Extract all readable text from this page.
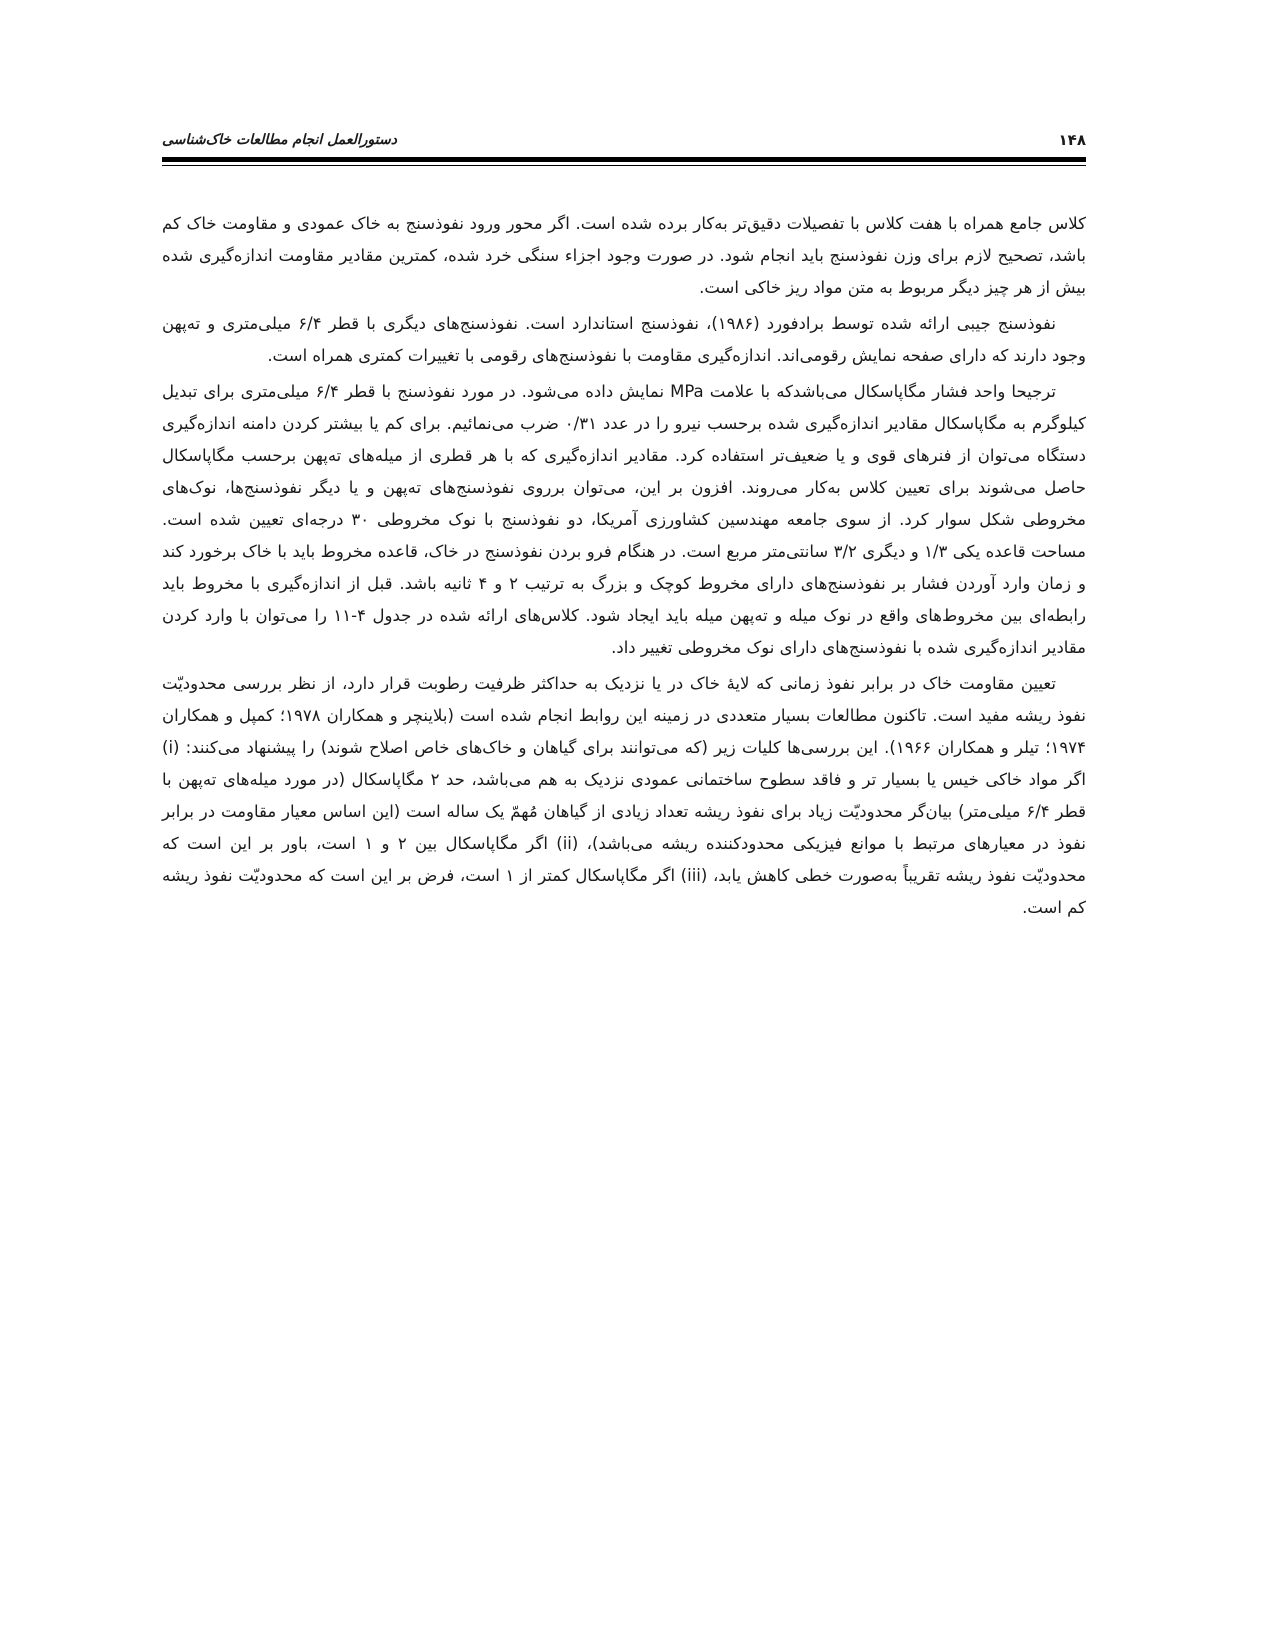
۱۴۸
دستورالعمل انجام مطالعات خاک‌شناسی

کلاس جامع همراه با هفت کلاس با تفصیلات دقیق‌تر به‌کار برده شده است. اگر محور ورود نفوذسنج به خاک عمودی و مقاومت خاک کم باشد، تصحیح لازم برای وزن نفوذسنج باید انجام شود. در صورت وجود اجزاء سنگی خرد شده، کمترین مقادیر مقاومت اندازه‌گیری شده بیش از هر چیز دیگر مربوط به متن مواد ریز خاکی است.

نفوذسنج جیبی ارائه شده توسط برادفورد (۱۹۸۶)، نفوذسنج استاندارد است. نفوذسنج‌های دیگری با قطر ۶/۴ میلی‌متری و ته‌پهن وجود دارند که دارای صفحه نمایش رقومی‌اند. اندازه‌گیری مقاومت با نفوذسنج‌های رقومی با تغییرات کمتری همراه است.

ترجیحا واحد فشار مگاپاسکال می‌باشدکه با علامت MPa نمایش داده می‌شود. در مورد نفوذسنج با قطر ۶/۴ میلی‌متری برای تبدیل کیلوگرم به مگاپاسکال مقادیر اندازه‌گیری شده برحسب نیرو را در عدد ۰/۳۱ ضرب می‌نمائیم. برای کم یا بیشتر کردن دامنه اندازه‌گیری دستگاه می‌توان از فنرهای قوی و یا ضعیف‌تر استفاده کرد. مقادیر اندازه‌گیری که با هر قطری از میله‌های ته‌پهن برحسب مگاپاسکال حاصل می‌شوند برای تعیین کلاس به‌کار می‌روند. افزون بر این، می‌توان برروی نفوذسنج‌های ته‌پهن و یا دیگر نفوذسنج‌ها، نوک‌های مخروطی شکل سوار کرد. از سوی جامعه مهندسین کشاورزی آمریکا، دو نفوذسنج با نوک مخروطی ۳۰ درجه‌ای تعیین شده است. مساحت قاعده یکی ۱/۳ و دیگری ۳/۲ سانتی‌متر مربع است. در هنگام فرو بردن نفوذسنج در خاک، قاعده مخروط باید با خاک برخورد کند و زمان وارد آوردن فشار بر نفوذسنج‌های دارای مخروط کوچک و بزرگ به ترتیب ۲ و ۴ ثانیه باشد. قبل از اندازه‌گیری با مخروط باید رابطه‌ای بین مخروط‌های واقع در نوک میله و ته‌پهن میله باید ایجاد شود. کلاس‌های ارائه شده در جدول ۴-۱۱ را می‌توان با وارد کردن مقادیر اندازه‌گیری شده با نفوذسنج‌های دارای نوک مخروطی تغییر داد.

تعیین مقاومت خاک در برابر نفوذ زمانی که لایهٔ خاک در یا نزدیک به حداکثر ظرفیت رطوبت قرار دارد، از نظر بررسی محدودیّت نفوذ ریشه مفید است. تاکنون مطالعات بسیار متعددی در زمینه این روابط انجام شده است (بلاینچر و همکاران ۱۹۷۸؛ کمپل و همکاران ۱۹۷۴؛ تیلر و همکاران ۱۹۶۶). این بررسی‌ها کلیات زیر (که می‌توانند برای گیاهان و خاک‌های خاص اصلاح شوند) را پیشنهاد می‌کنند: (i) اگر مواد خاکی خیس یا بسیار تر و فاقد سطوح ساختمانی عمودی نزدیک به هم می‌باشد، حد ۲ مگاپاسکال (در مورد میله‌های ته‌پهن با قطر ۶/۴ میلی‌متر) بیان‌گر محدودیّت زیاد برای نفوذ ریشه تعداد زیادی از گیاهان مُهمّ یک ساله است (این اساس معیار مقاومت در برابر نفوذ در معیارهای مرتبط با موانع فیزیکی محدودکننده ریشه می‌باشد)، (ii) اگر مگاپاسکال بین ۲ و ۱ است، باور بر این است که محدودیّت نفوذ ریشه تقریباً به‌صورت خطی کاهش یابد، (iii) اگر مگاپاسکال کمتر از ۱ است، فرض بر این است که محدودیّت نفوذ ریشه کم است.
